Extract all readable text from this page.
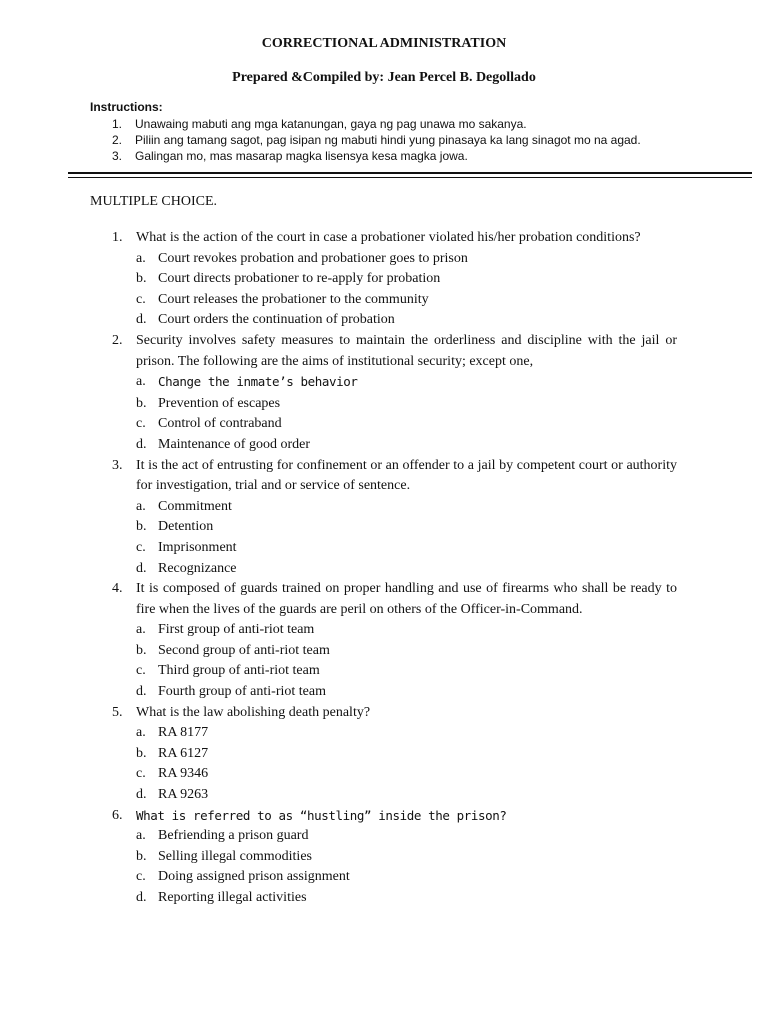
CORRECTIONAL ADMINISTRATION
Prepared &Compiled by: Jean Percel B. Degollado
Instructions:
1. Unawaing mabuti ang mga katanungan, gaya ng pag unawa mo sakanya.
2. Piliin ang tamang sagot, pag isipan ng mabuti hindi yung pinasaya ka lang sinagot mo na agad.
3. Galingan mo, mas masarap magka lisensya kesa magka jowa.
MULTIPLE CHOICE.
1. What is the action of the court in case a probationer violated his/her probation conditions?
a. Court revokes probation and probationer goes to prison
b. Court directs probationer to re-apply for probation
c. Court releases the probationer to the community
d. Court orders the continuation of probation
2. Security involves safety measures to maintain the orderliness and discipline with the jail or prison. The following are the aims of institutional security; except one,
a. Change the inmate’s behavior
b. Prevention of escapes
c. Control of contraband
d. Maintenance of good order
3. It is the act of entrusting for confinement or an offender to a jail by competent court or authority for investigation, trial and or service of sentence.
a. Commitment
b. Detention
c. Imprisonment
d. Recognizance
4. It is composed of guards trained on proper handling and use of firearms who shall be ready to fire when the lives of the guards are peril on others of the Officer-in-Command.
a. First group of anti-riot team
b. Second group of anti-riot team
c. Third group of anti-riot team
d. Fourth group of anti-riot team
5. What is the law abolishing death penalty?
a. RA 8177
b. RA 6127
c. RA 9346
d. RA 9263
6. What is referred to as “hustling” inside the prison?
a. Befriending a prison guard
b. Selling illegal commodities
c. Doing assigned prison assignment
d. Reporting illegal activities
